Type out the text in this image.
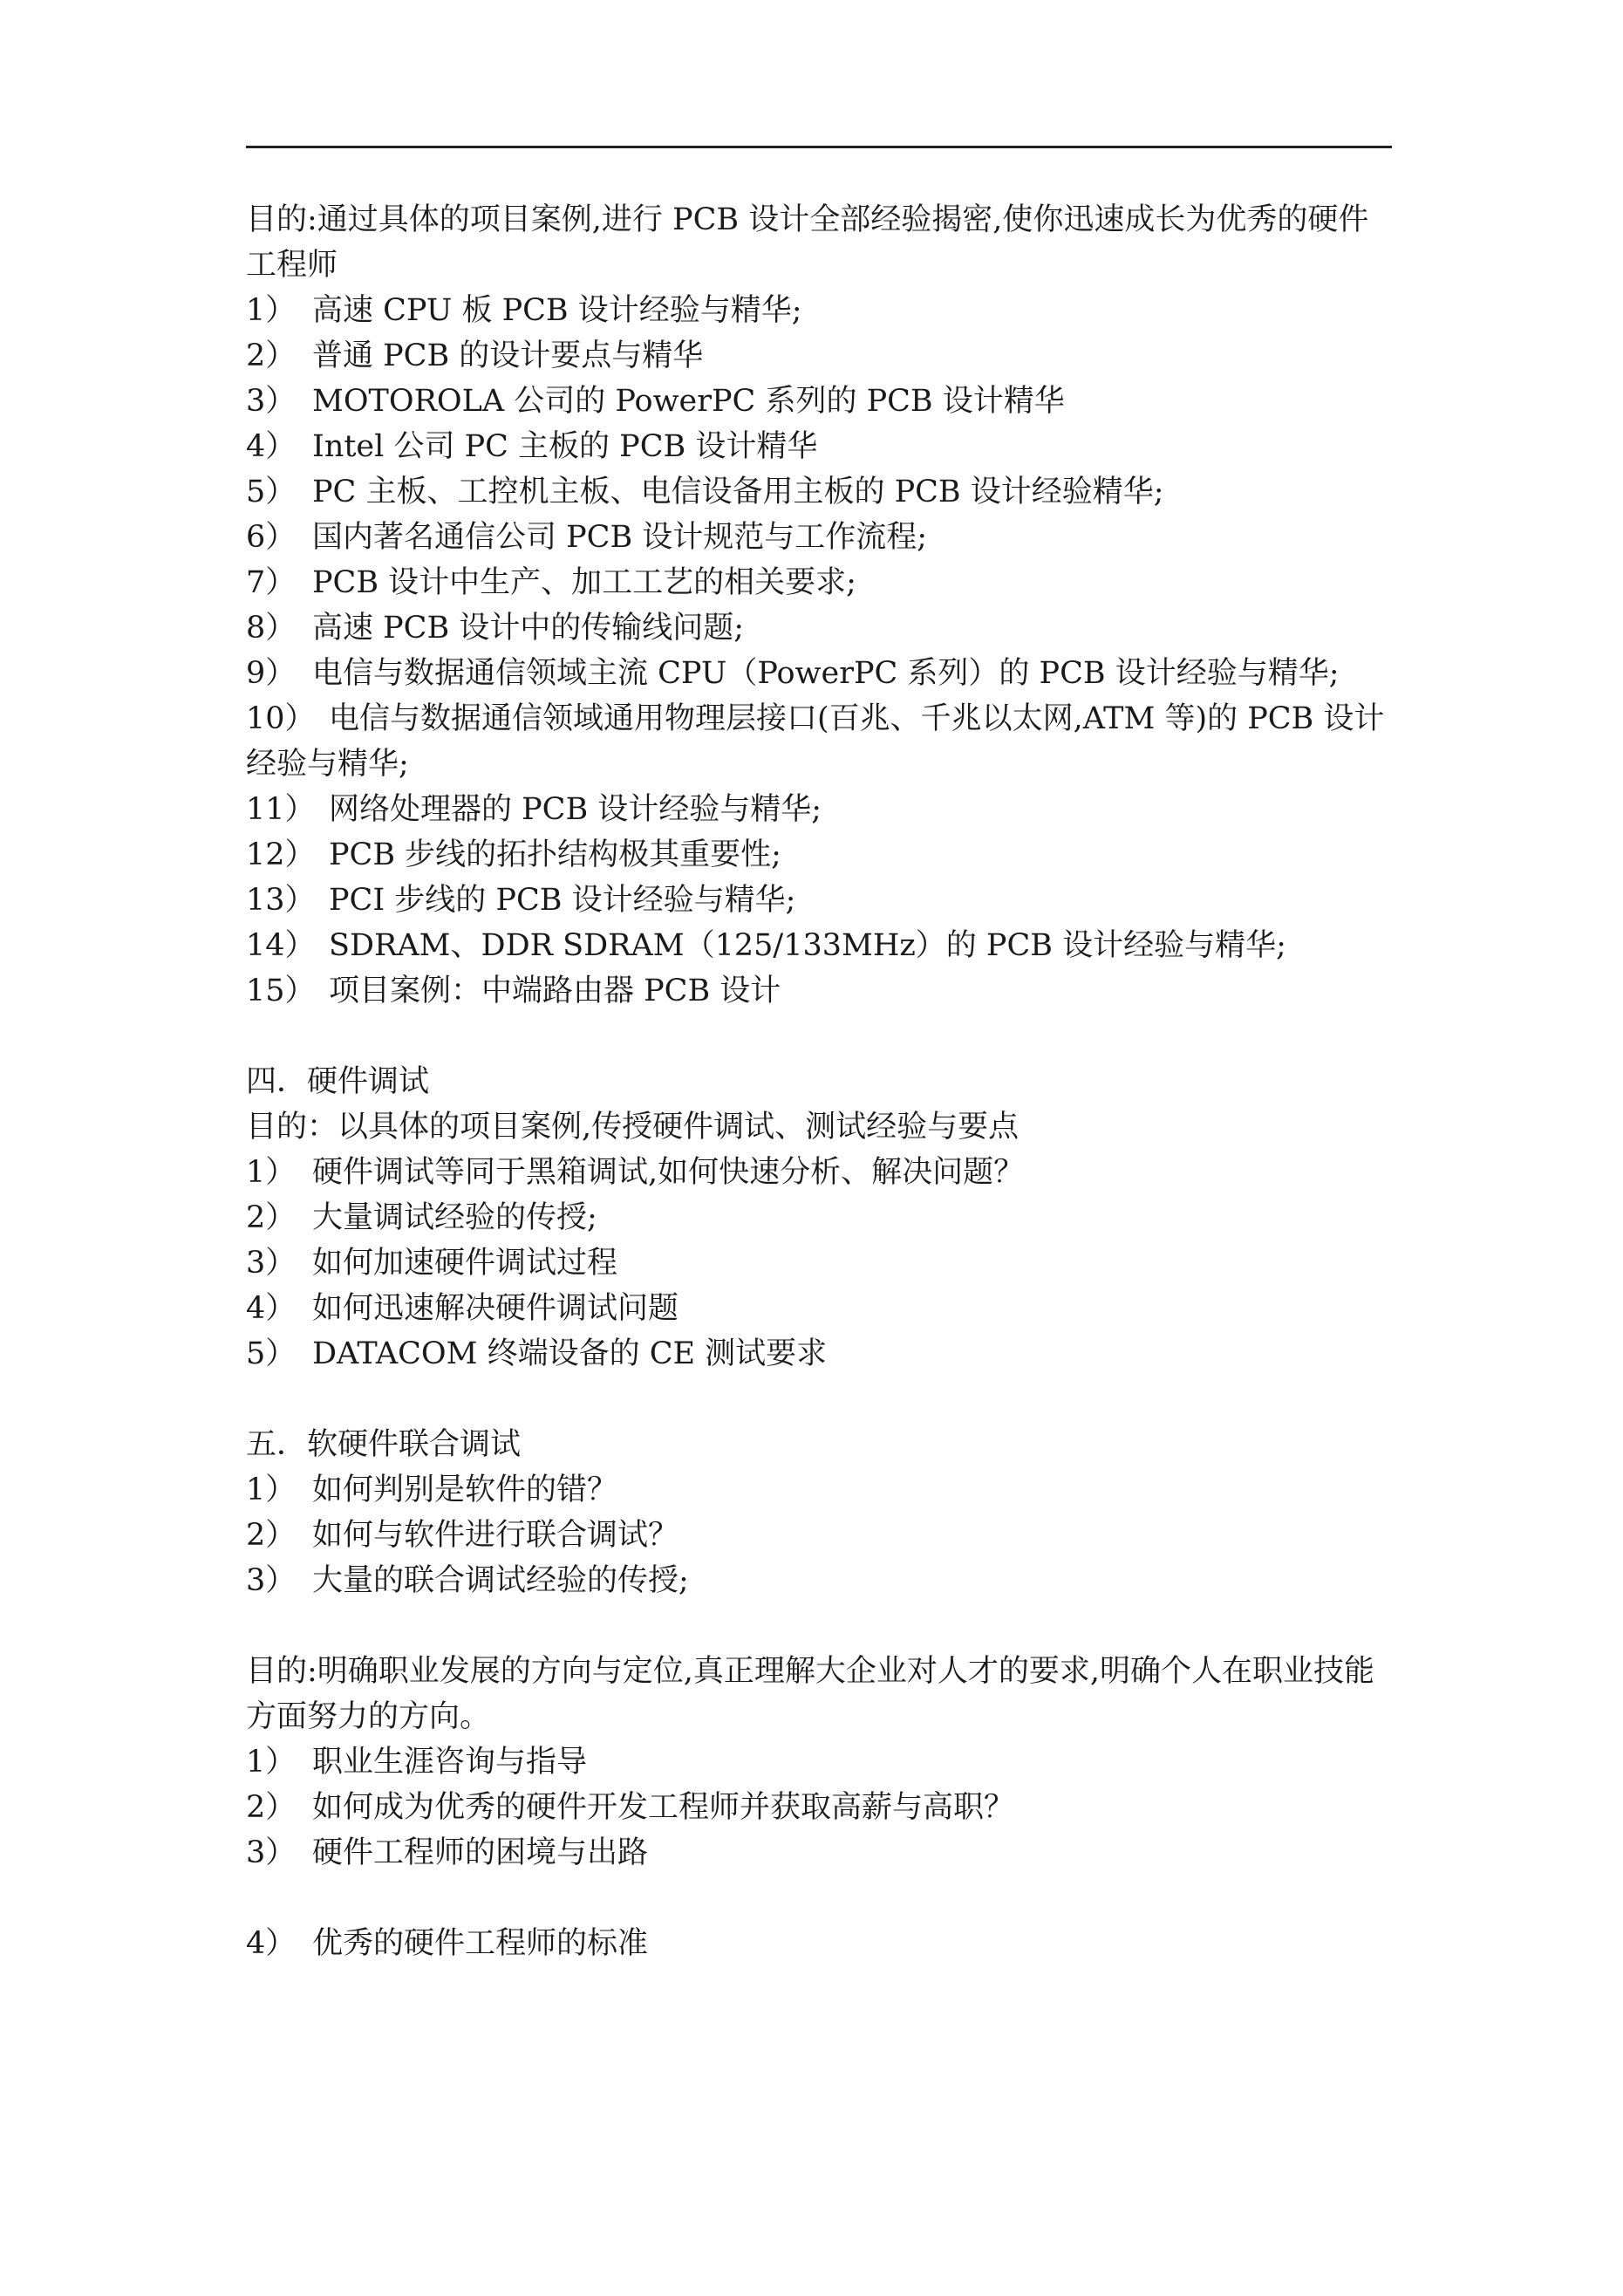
目的:通过具体的项目案例,进行 PCB 设计全部经验揭密,使你迅速成长为优秀的硬件工程师
1） 高速 CPU 板 PCB 设计经验与精华;
2） 普通 PCB 的设计要点与精华
3） MOTOROLA 公司的 PowerPC 系列的 PCB 设计精华
4） Intel 公司 PC 主板的 PCB 设计精华
5） PC 主板、工控机主板、电信设备用主板的 PCB 设计经验精华;
6） 国内著名通信公司 PCB 设计规范与工作流程;
7） PCB 设计中生产、加工工艺的相关要求;
8） 高速 PCB 设计中的传输线问题;
9） 电信与数据通信领域主流 CPU（PowerPC 系列）的 PCB 设计经验与精华;
10） 电信与数据通信领域通用物理层接口(百兆、千兆以太网,ATM 等)的 PCB 设计经验与精华;
11） 网络处理器的 PCB 设计经验与精华;
12） PCB 步线的拓扑结构极其重要性;
13） PCI 步线的 PCB 设计经验与精华;
14） SDRAM、DDR SDRAM（125/133MHz）的 PCB 设计经验与精华;
15） 项目案例：中端路由器 PCB 设计
四．硬件调试
目的：以具体的项目案例,传授硬件调试、测试经验与要点
1） 硬件调试等同于黑箱调试,如何快速分析、解决问题？
2） 大量调试经验的传授;
3） 如何加速硬件调试过程
4） 如何迅速解决硬件调试问题
5） DATACOM 终端设备的 CE 测试要求
五．软硬件联合调试
1） 如何判别是软件的错？
2） 如何与软件进行联合调试？
3） 大量的联合调试经验的传授;
目的:明确职业发展的方向与定位,真正理解大企业对人才的要求,明确个人在职业技能方面努力的方向。
1） 职业生涯咨询与指导
2） 如何成为优秀的硬件开发工程师并获取高薪与高职？
3） 硬件工程师的困境与出路
4） 优秀的硬件工程师的标准
